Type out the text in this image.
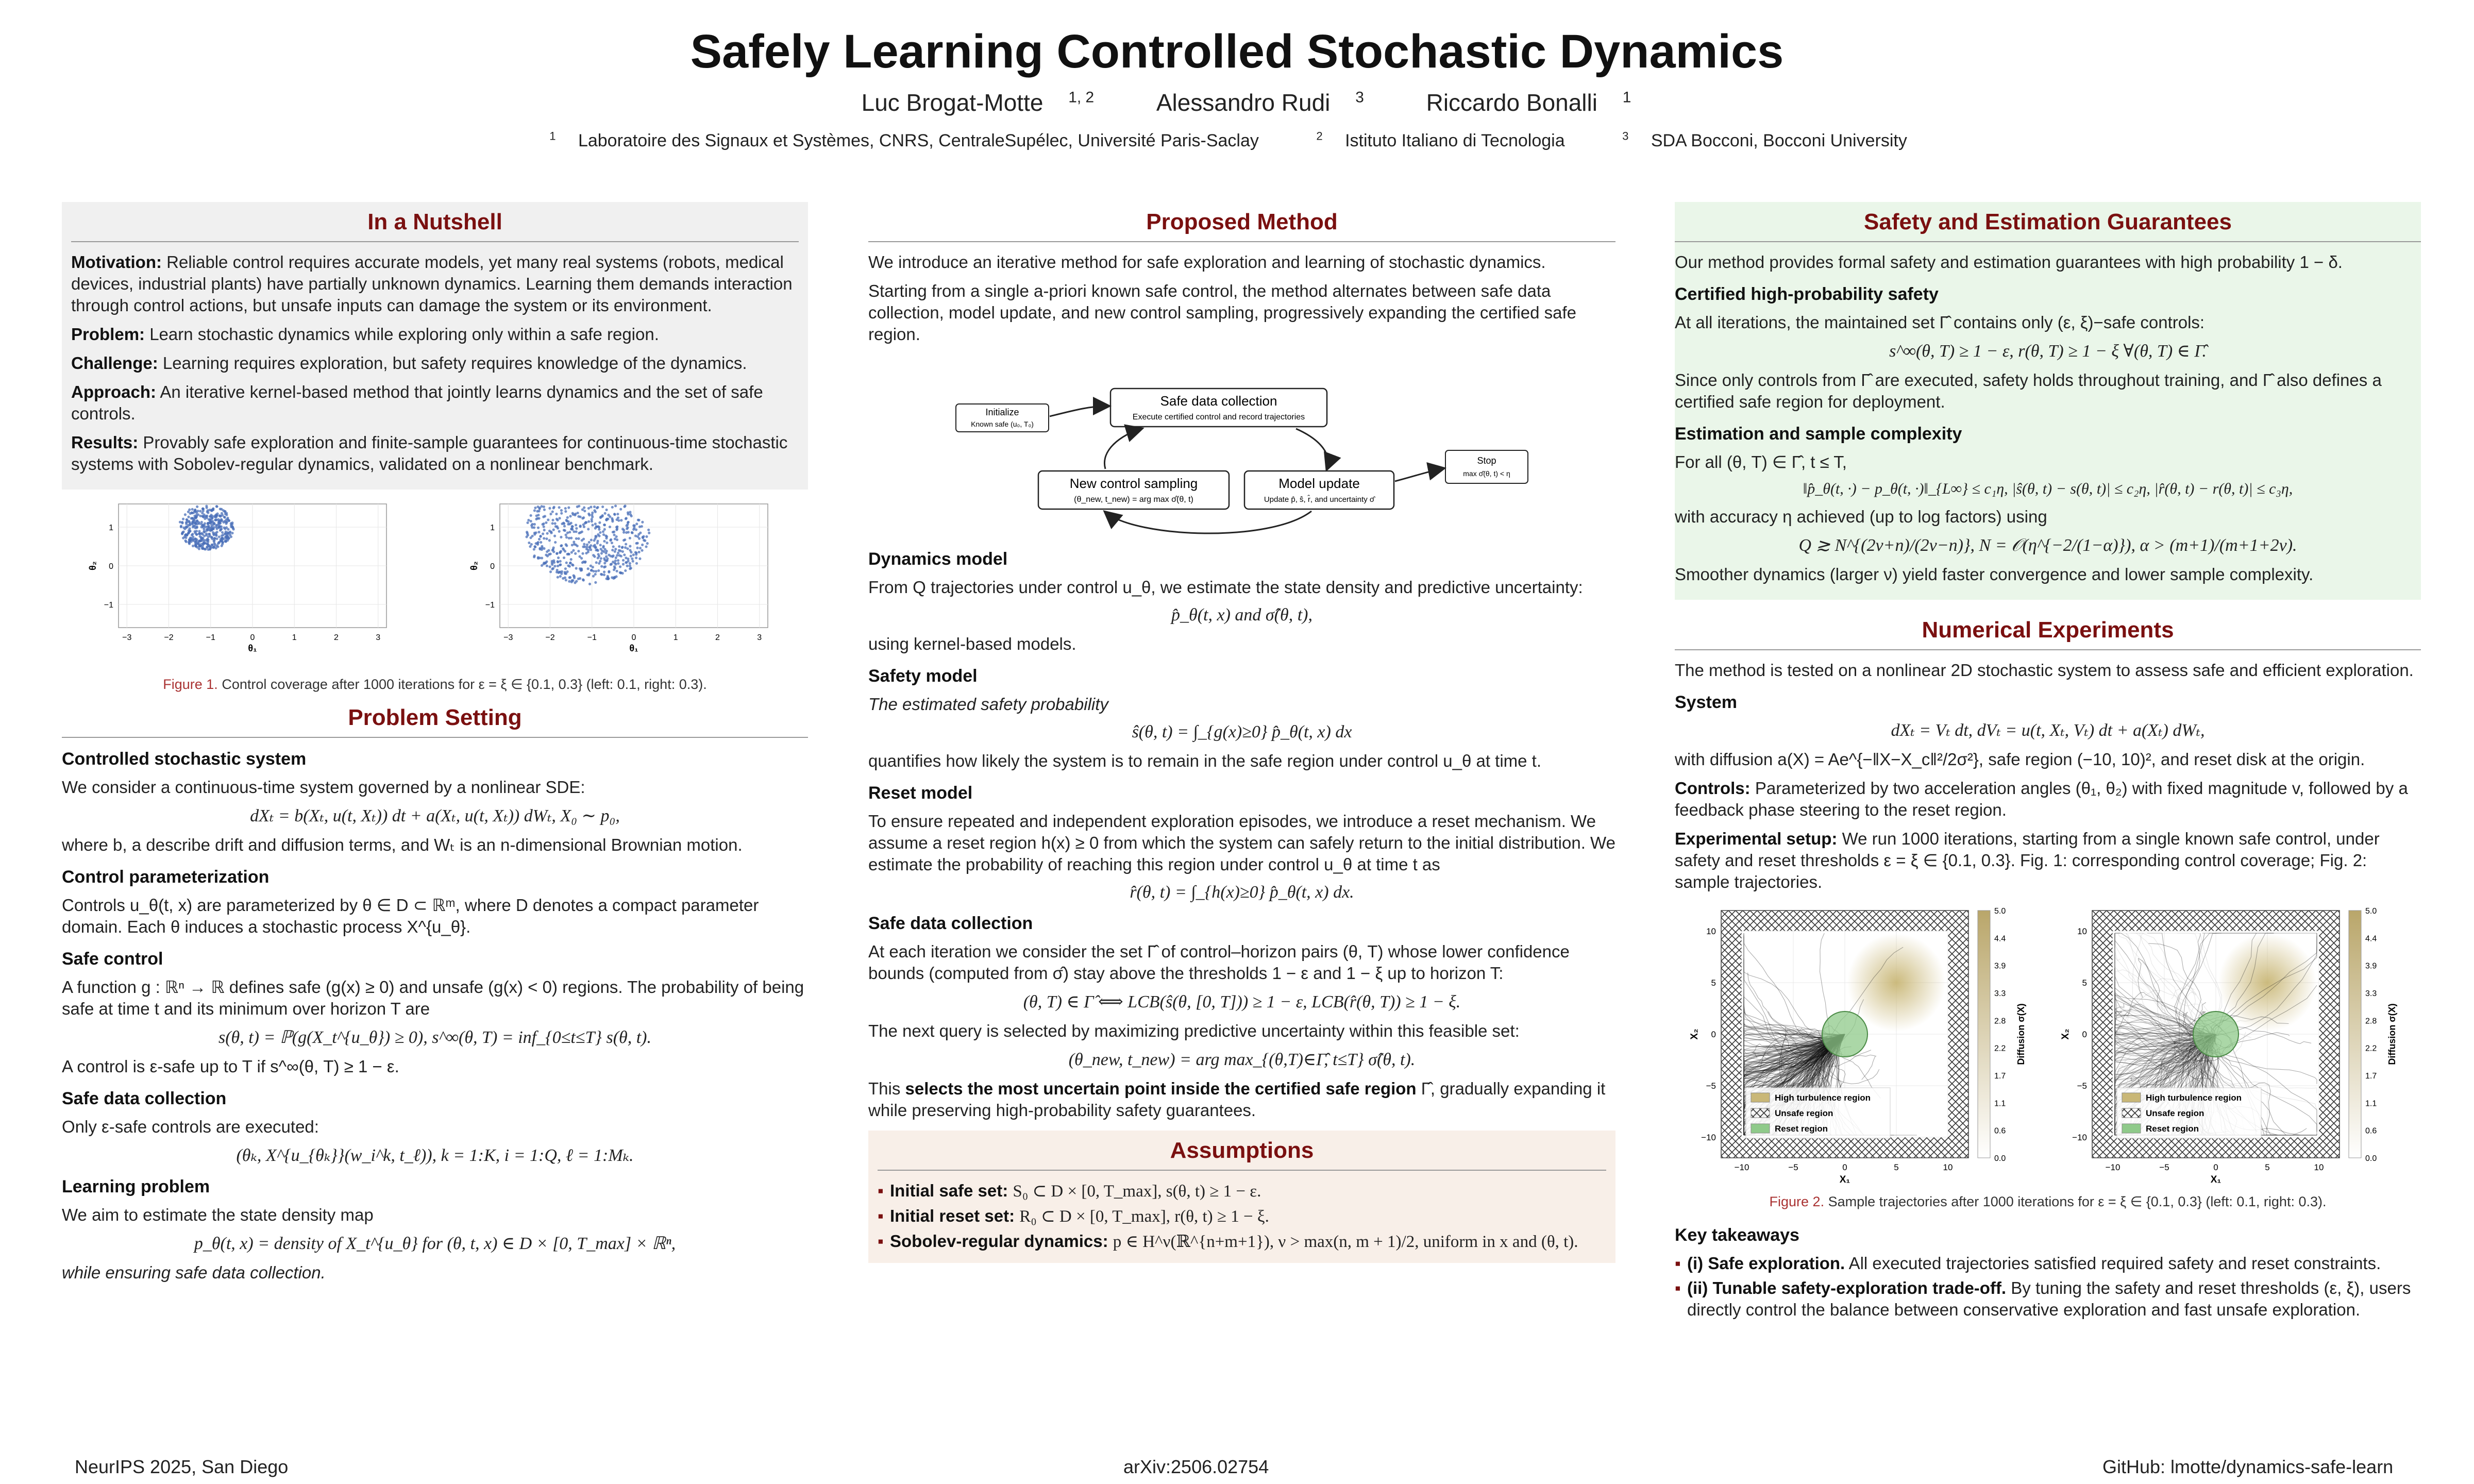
Safely Learning Controlled Stochastic Dynamics
Luc Brogat-Motte $^{1, 2}$	Alessandro Rudi $^3$	Riccardo Bonalli $^1$
$^1$ Laboratoire des Signaux et Systèmes, CNRS, CentraleSupélec, Université Paris-Saclay	$^2$ Istituto Italiano di Tecnologia	$^3$ SDA Bocconi, Bocconi University
In a Nutshell

Motivation: Reliable control requires accurate models, yet many real systems (robots, medical devices, industrial plants) have partially unknown dynamics. Learning them demands interaction through control actions, but unsafe inputs can damage the system or its environment.

Problem: Learn stochastic dynamics while exploring only within a safe region.

Challenge: Learning requires exploration, but safety requires knowledge of the dynamics.

Approach: An iterative kernel-based method that jointly learns dynamics and the set of safe controls.

Results: Provably safe exploration and finite-sample guarantees for continuous-time stochastic systems with Sobolev-regular dynamics, validated on a nonlinear benchmark.

−3	−2	−1	0	1	2	3
1
0
−1
θ₁
θ₂
−3	−2	−1	0	1	2	3
1
0
−1
θ₁
θ₂
Figure 1. Control coverage after 1000 iterations for ε = ξ ∈ {0.1, 0.3} (left: 0.1, right: 0.3).
Problem Setting
Controlled stochastic system

We consider a continuous-time system governed by a nonlinear SDE:

dXₜ = b(Xₜ, u(t, Xₜ)) dt + a(Xₜ, u(t, Xₜ)) dWₜ, X₀ ∼ p₀,

where b, a describe drift and diffusion terms, and Wₜ is an n-dimensional Brownian motion.

Control parameterization

Controls u_θ(t, x) are parameterized by θ ∈ D ⊂ ℝᵐ, where D denotes a compact parameter domain. Each θ induces a stochastic process X^{u_θ}.

Safe control

A function g : ℝⁿ → ℝ defines safe (g(x) ≥ 0) and unsafe (g(x) < 0) regions. The probability of being safe at time t and its minimum over horizon T are

s(θ, t) = ℙ(g(X_t^{u_θ}) ≥ 0), s^∞(θ, T) = inf_{0≤t≤T} s(θ, t).

A control is ε-safe up to T if s^∞(θ, T) ≥ 1 − ε.

Safe data collection

Only ε-safe controls are executed:

(θₖ, X^{u_{θₖ}}(w_i^k, t_ℓ)), k = 1:K, i = 1:Q, ℓ = 1:Mₖ.
Learning problem

We aim to estimate the state density map

p_θ(t, x) = density of X_t^{u_θ} for (θ, t, x) ∈ D × [0, T_max] × ℝⁿ,

while ensuring safe data collection.

Proposed Method

We introduce an iterative method for safe exploration and learning of stochastic dynamics.

Starting from a single a-priori known safe control, the method alternates between safe data collection, model update, and new control sampling, progressively expanding the certified safe region.

Initialize
Known safe (u₀, T₀)
Safe data collection
Execute certified control and record trajectories
New control sampling
(θ_new, t_new) = arg max σ̂(θ, t)
Model update
Update p̂, ŝ, r̂, and uncertainty σ̂
Stop
max σ̂(θ, t) < η
Dynamics model

From Q trajectories under control u_θ, we estimate the state density and predictive uncertainty:

p̂_θ(t, x) and σ̂(θ, t),

using kernel-based models.

Safety model

The estimated safety probability

ŝ(θ, t) = ∫_{g(x)≥0} p̂_θ(t, x) dx

quantifies how likely the system is to remain in the safe region under control u_θ at time t.

Reset model

To ensure repeated and independent exploration episodes, we introduce a reset mechanism. We assume a reset region h(x) ≥ 0 from which the system can safely return to the initial distribution. We estimate the probability of reaching this region under control u_θ at time t as

r̂(θ, t) = ∫_{h(x)≥0} p̂_θ(t, x) dx.
Safe data collection

At each iteration we consider the set Γ̂ of control–horizon pairs (θ, T) whose lower confidence bounds (computed from σ̂) stay above the thresholds 1 − ε and 1 − ξ up to horizon T:

(θ, T) ∈ Γ̂ ⟺ LCB(ŝ(θ, [0, T])) ≥ 1 − ε, LCB(r̂(θ, T)) ≥ 1 − ξ.

The next query is selected by maximizing predictive uncertainty within this feasible set:

(θ_new, t_new) = arg max_{(θ,T)∈Γ̂, t≤T} σ̂(θ, t).

This selects the most uncertain point inside the certified safe region Γ̂, gradually expanding it while preserving high-probability safety guarantees.

Assumptions
▪ Initial safe set: S₀ ⊂ D × [0, T_max], s(θ, t) ≥ 1 − ε.
▪ Initial reset set: R₀ ⊂ D × [0, T_max], r(θ, t) ≥ 1 − ξ.
▪ Sobolev-regular dynamics: p ∈ H^ν(ℝ^{n+m+1}), ν > max(n, m + 1)/2, uniform in x and (θ, t).
Safety and Estimation Guarantees

Our method provides formal safety and estimation guarantees with high probability 1 − δ.

Certified high-probability safety

At all iterations, the maintained set Γ̂ contains only (ε, ξ)−safe controls:

s^∞(θ, T) ≥ 1 − ε, r(θ, T) ≥ 1 − ξ ∀(θ, T) ∈ Γ̂.

Since only controls from Γ̂ are executed, safety holds throughout training, and Γ̂ also defines a certified safe region for deployment.

Estimation and sample complexity

For all (θ, T) ∈ Γ̂, t ≤ T,

‖p̂_θ(t, ·) − p_θ(t, ·)‖_{L∞} ≤ c₁η, |ŝ(θ, t) − s(θ, t)| ≤ c₂η, |r̂(θ, t) − r(θ, t)| ≤ c₃η,

with accuracy η achieved (up to log factors) using

Q ≳ N^{(2ν+n)/(2ν−n)}, N = 𝒪(η^{−2/(1−α)}), α > (m+1)/(m+1+2ν).

Smoother dynamics (larger ν) yield faster convergence and lower sample complexity.

Numerical Experiments

The method is tested on a nonlinear 2D stochastic system to assess safe and efficient exploration.

System
dXₜ = Vₜ dt, dVₜ = u(t, Xₜ, Vₜ) dt + a(Xₜ) dWₜ,

with diffusion a(X) = Ae^{−‖X−X_c‖²/2σ²}, safe region (−10, 10)², and reset disk at the origin.

Controls: Parameterized by two acceleration angles (θ₁, θ₂) with fixed magnitude v, followed by a feedback phase steering to the reset region.

Experimental setup: We run 1000 iterations, starting from a single known safe control, under safety and reset thresholds ε = ξ ∈ {0.1, 0.3}. Fig. 1: corresponding control coverage; Fig. 2: sample trajectories.

−10	−5	0	5	10
10
5
0
−5
−10
X₁
X₂
High turbulence region
Unsafe region
Reset region
5.0
4.4
3.9
3.3
2.8
2.2
1.7
1.1
0.6
0.0
Diffusion σ(X)
−10	−5	0	5	10
10
5
0
−5
−10
X₁
X₂
High turbulence region
Unsafe region
Reset region
5.0
4.4
3.9
3.3
2.8
2.2
1.7
1.1
0.6
0.0
Diffusion σ(X)
Figure 2. Sample trajectories after 1000 iterations for ε = ξ ∈ {0.1, 0.3} (left: 0.1, right: 0.3).
Key takeaways
▪ (i) Safe exploration. All executed trajectories satisfied required safety and reset constraints.
▪ (ii) Tunable safety-exploration trade-off. By tuning the safety and reset thresholds (ε, ξ), users directly control the balance between conservative exploration and fast unsafe exploration.
NeurIPS 2025, San Diego	arXiv:2506.02754	GitHub: lmotte/dynamics-safe-learn
